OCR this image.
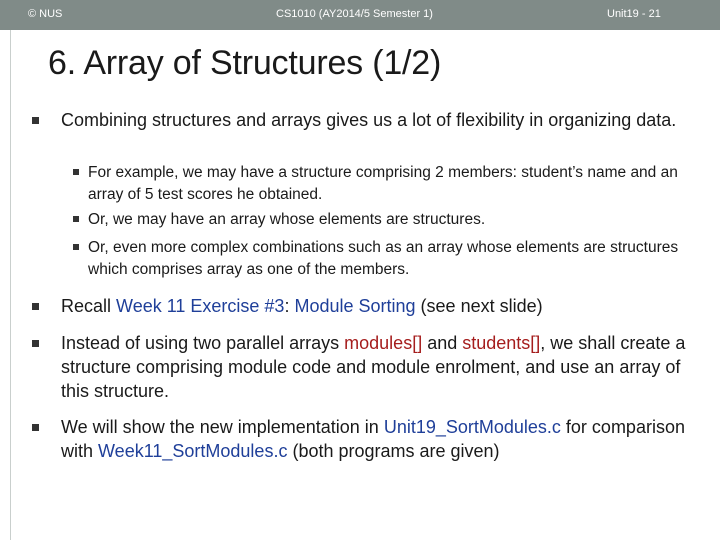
© NUS	CS1010 (AY2014/5 Semester 1)	Unit19 - 21
6. Array of Structures (1/2)
Combining structures and arrays gives us a lot of flexibility in organizing data.
For example, we may have a structure comprising 2 members: student’s name and an array of 5 test scores he obtained.
Or, we may have an array whose elements are structures.
Or, even more complex combinations such as an array whose elements are structures which comprises array as one of the members.
Recall Week 11 Exercise #3: Module Sorting (see next slide)
Instead of using two parallel arrays modules[] and students[], we shall create a structure comprising module code and module enrolment, and use an array of this structure.
We will show the new implementation in Unit19_SortModules.c for comparison with Week11_SortModules.c (both programs are given)
